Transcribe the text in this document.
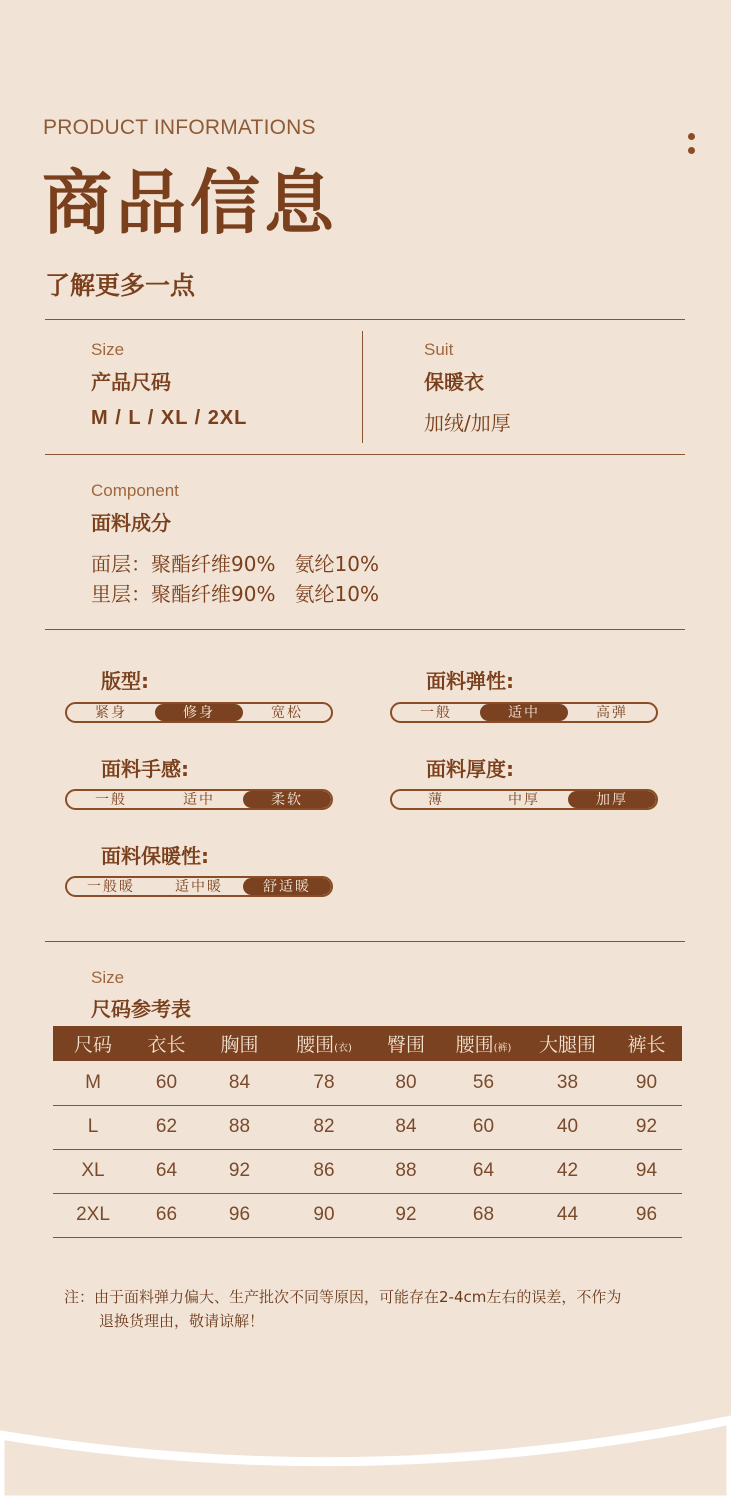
PRODUCT INFORMATIONS
商品信息
了解更多一点
Size
产品尺码
M / L / XL / 2XL
Suit
保暖衣
加绒/加厚
Component
面料成分
面层：聚酯纤维90%   氨纶10%
里层：聚酯纤维90%   氨纶10%
版型:
紧身	修身	宽松
面料弹性:
一般	适中	高弹
面料手感:
一般	适中	柔软
面料厚度:
薄	中厚	加厚
面料保暖性:
一般暖	适中暖	舒适暖
Size
尺码参考表
尺码	衣长	胸围	腰围(衣)	臀围	腰围(裤)	大腿围	裤长
M	60	84	78	80	56	38	90
L	62	88	82	84	60	40	92
XL	64	92	86	88	64	42	94
2XL	66	96	90	92	68	44	96
注：由于面料弹力偏大、生产批次不同等原因，可能存在2-4cm左右的误差，不作为
退换货理由，敬请谅解！
